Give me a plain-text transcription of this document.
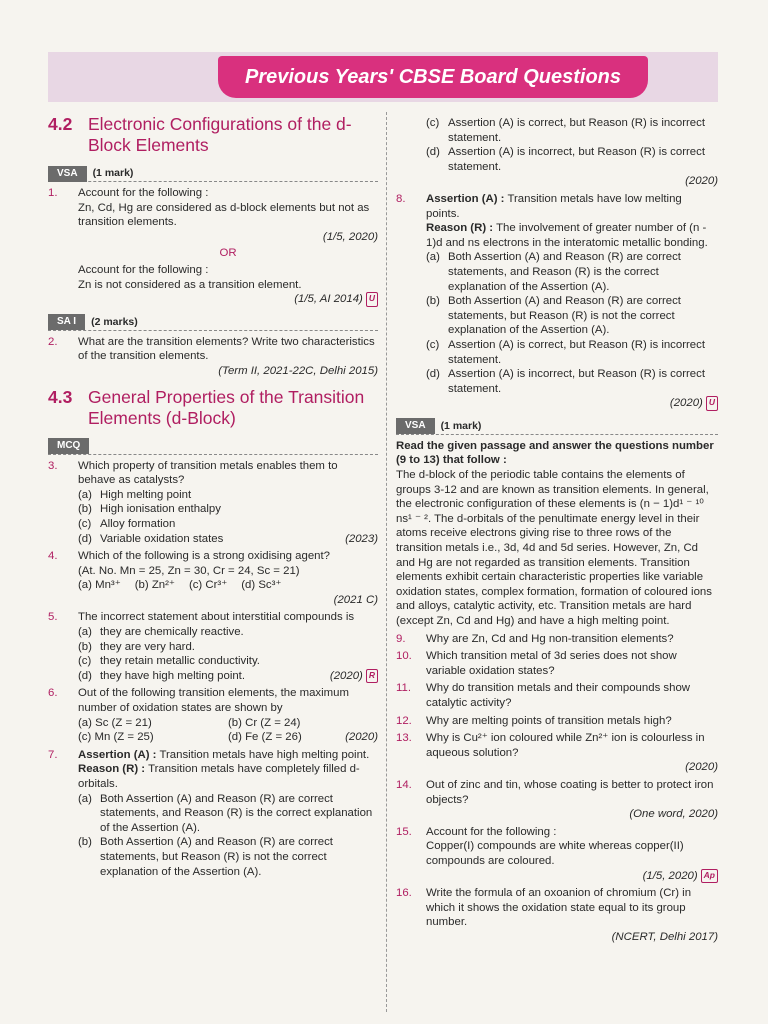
Previous Years' CBSE Board Questions
4.2 Electronic Configurations of the d-Block Elements
VSA	(1 mark)
1.	Account for the following :
Zn, Cd, Hg are considered as d-block elements but not as transition elements.
(1/5, 2020)
OR
Account for the following :
Zn is not considered as a transition element.
(1/5, AI 2014) U
SA I	(2 marks)
2.	What are the transition elements? Write two characteristics of the transition elements.
(Term II, 2021-22C, Delhi 2015)
4.3 General Properties of the Transition Elements (d-Block)
MCQ
3.	Which property of transition metals enables them to behave as catalysts?
(a) High melting point
(b) High ionisation enthalpy
(c) Alloy formation
(d) Variable oxidation states	(2023)
4.	Which of the following is a strong oxidising agent?
(At. No. Mn = 25, Zn = 30, Cr = 24, Sc = 21)
(a) Mn³⁺ (b) Zn²⁺ (c) Cr³⁺ (d) Sc³⁺
(2021 C)
5.	The incorrect statement about interstitial compounds is
(a) they are chemically reactive.
(b) they are very hard.
(c) they retain metallic conductivity.
(d) they have high melting point.	(2020) R
6.	Out of the following transition elements, the maximum number of oxidation states are shown by
(a) Sc (Z = 21)	(b) Cr (Z = 24)
(c) Mn (Z = 25)	(d) Fe (Z = 26)	(2020)
7.	Assertion (A) : Transition metals have high melting point.
Reason (R) : Transition metals have completely filled d-orbitals.
(a) Both Assertion (A) and Reason (R) are correct statements, and Reason (R) is the correct explanation of the Assertion (A).
(b) Both Assertion (A) and Reason (R) are correct statements, but Reason (R) is not the correct explanation of the Assertion (A).
(c) Assertion (A) is correct, but Reason (R) is incorrect statement.
(d) Assertion (A) is incorrect, but Reason (R) is correct statement.
(2020)
8.	Assertion (A) : Transition metals have low melting points.
Reason (R) : The involvement of greater number of (n - 1)d and ns electrons in the interatomic metallic bonding.
(a) Both Assertion (A) and Reason (R) are correct statements, and Reason (R) is the correct explanation of the Assertion (A).
(b) Both Assertion (A) and Reason (R) are correct statements, but Reason (R) is not the correct explanation of the Assertion (A).
(c) Assertion (A) is correct, but Reason (R) is incorrect statement.
(d) Assertion (A) is incorrect, but Reason (R) is correct statement.
(2020) U
VSA	(1 mark)
Read the given passage and answer the questions number (9 to 13) that follow :
The d-block of the periodic table contains the elements of groups 3-12 and are known as transition elements. In general, the electronic configuration of these elements is (n − 1)d¹ ⁻ ¹⁰ ns¹ ⁻ ². The d-orbitals of the penultimate energy level in their atoms receive electrons giving rise to three rows of the transition metals i.e., 3d, 4d and 5d series. However, Zn, Cd and Hg are not regarded as transition elements. Transition elements exhibit certain characteristic properties like variable oxidation states, complex formation, formation of coloured ions and alloys, catalytic activity, etc. Transition metals are hard (except Zn, Cd and Hg) and have a high melting point.
9.	Why are Zn, Cd and Hg non-transition elements?
10.	Which transition metal of 3d series does not show variable oxidation states?
11.	Why do transition metals and their compounds show catalytic activity?
12.	Why are melting points of transition metals high?
13.	Why is Cu²⁺ ion coloured while Zn²⁺ ion is colourless in aqueous solution?
(2020)
14.	Out of zinc and tin, whose coating is better to protect iron objects?
(One word, 2020)
15.	Account for the following :
Copper(I) compounds are white whereas copper(II) compounds are coloured.
(1/5, 2020) Ap
16.	Write the formula of an oxoanion of chromium (Cr) in which it shows the oxidation state equal to its group number.
(NCERT, Delhi 2017)
